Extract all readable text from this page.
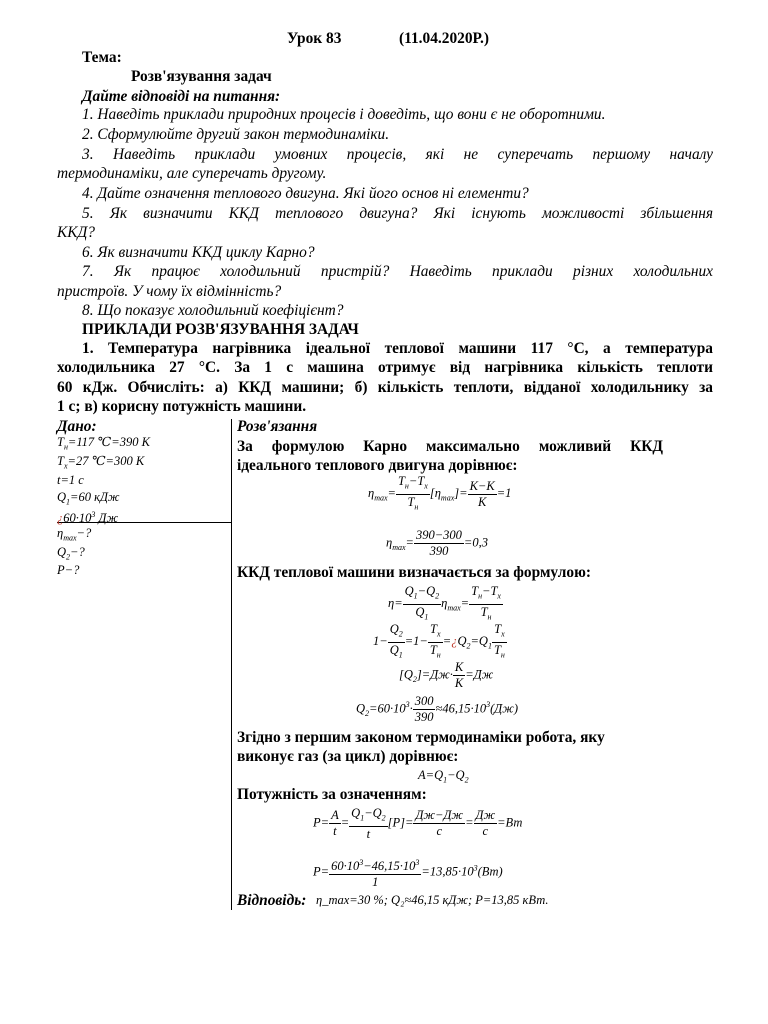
Урок 83	(11.04.2020Р.)
Тема:
Розв'язування задач
Дайте відповіді на питання:
1. Наведіть приклади природних процесів і доведіть, що вони є не оборотними.
2. Сформулюйте другий закон термодинаміки.
3. Наведіть приклади умовних процесів, які не суперечать першому началу
термодинаміки, але суперечать другому.
4. Дайте означення теплового двигуна. Які його основ ні елементи?
5. Як визначити ККД теплового двигуна? Які існують можливості збільшення
ККД?
6. Як визначити ККД циклу Карно?
7. Як працює холодильний пристрій? Наведіть приклади різних холодильних
пристроїв. У чому їх відмінність?
8. Що показує холодильний коефіцієнт?
ПРИКЛАДИ РОЗВ'ЯЗУВАННЯ ЗАДАЧ
1. Температура нагрівника ідеальної теплової машини 117 °С, а температура
холодильника 27 °С. За 1 с машина отримує від нагрівника кількість теплоти
60 кДж. Обчисліть: а) ККД машини; б) кількість теплоти, відданої холодильнику за
1 с; в) корисну потужність машини.
Дано:
$T_н=117$ ℃=390 K
$T_х=27$ ℃=300 K
t=1 c
$Q_1=60$ кДж
¿$60\cdot 10^3$ Дж
$\eta_{max}-$?
$Q_2-$?
P−?
Розв'язання
За формулою Карно максимально можливий ККД
ідеального теплового двигуна дорівнює:
$\eta_{max}= \frac{T_н-T_х}{T_н} [\eta_{max}]= \frac{K-K}{K} =1$
$\eta_{max}= \frac{390-300}{390} =0,3$
ККД теплової машини визначається за формулою:
$\eta= \frac{Q_1-Q_2}{Q_1} \eta_{max}= \frac{T_н-T_х}{T_н}$
$1- \frac{Q_2}{Q_1} =1- \frac{T_х}{T_н}$ $=¿Q_2=Q_1 \frac{T_х}{T_н}$
$[Q_2]=Дж\cdot \frac{K}{K} =Дж$
$Q_2=60\cdot 10^3\cdot \frac{300}{390} \approx 46,15\cdot 10^3(Дж)$
Згідно з першим законом термодинаміки робота, яку
виконує газ (за цикл) дорівнює:
$A=Q_1-Q_2$
Потужність за означенням:
$P= \frac{A}{t} = \frac{Q_1-Q_2}{t} [P]= \frac{Дж-Дж}{c} = \frac{Дж}{c} =Вт$
$P= \frac{60\cdot 10^3-46,15\cdot 10^3}{1} =13,85\cdot 10^3(Вт)$
Відповідь: η_max=30 %; Q₂≈46,15 кДж; P=13,85 кВт.
